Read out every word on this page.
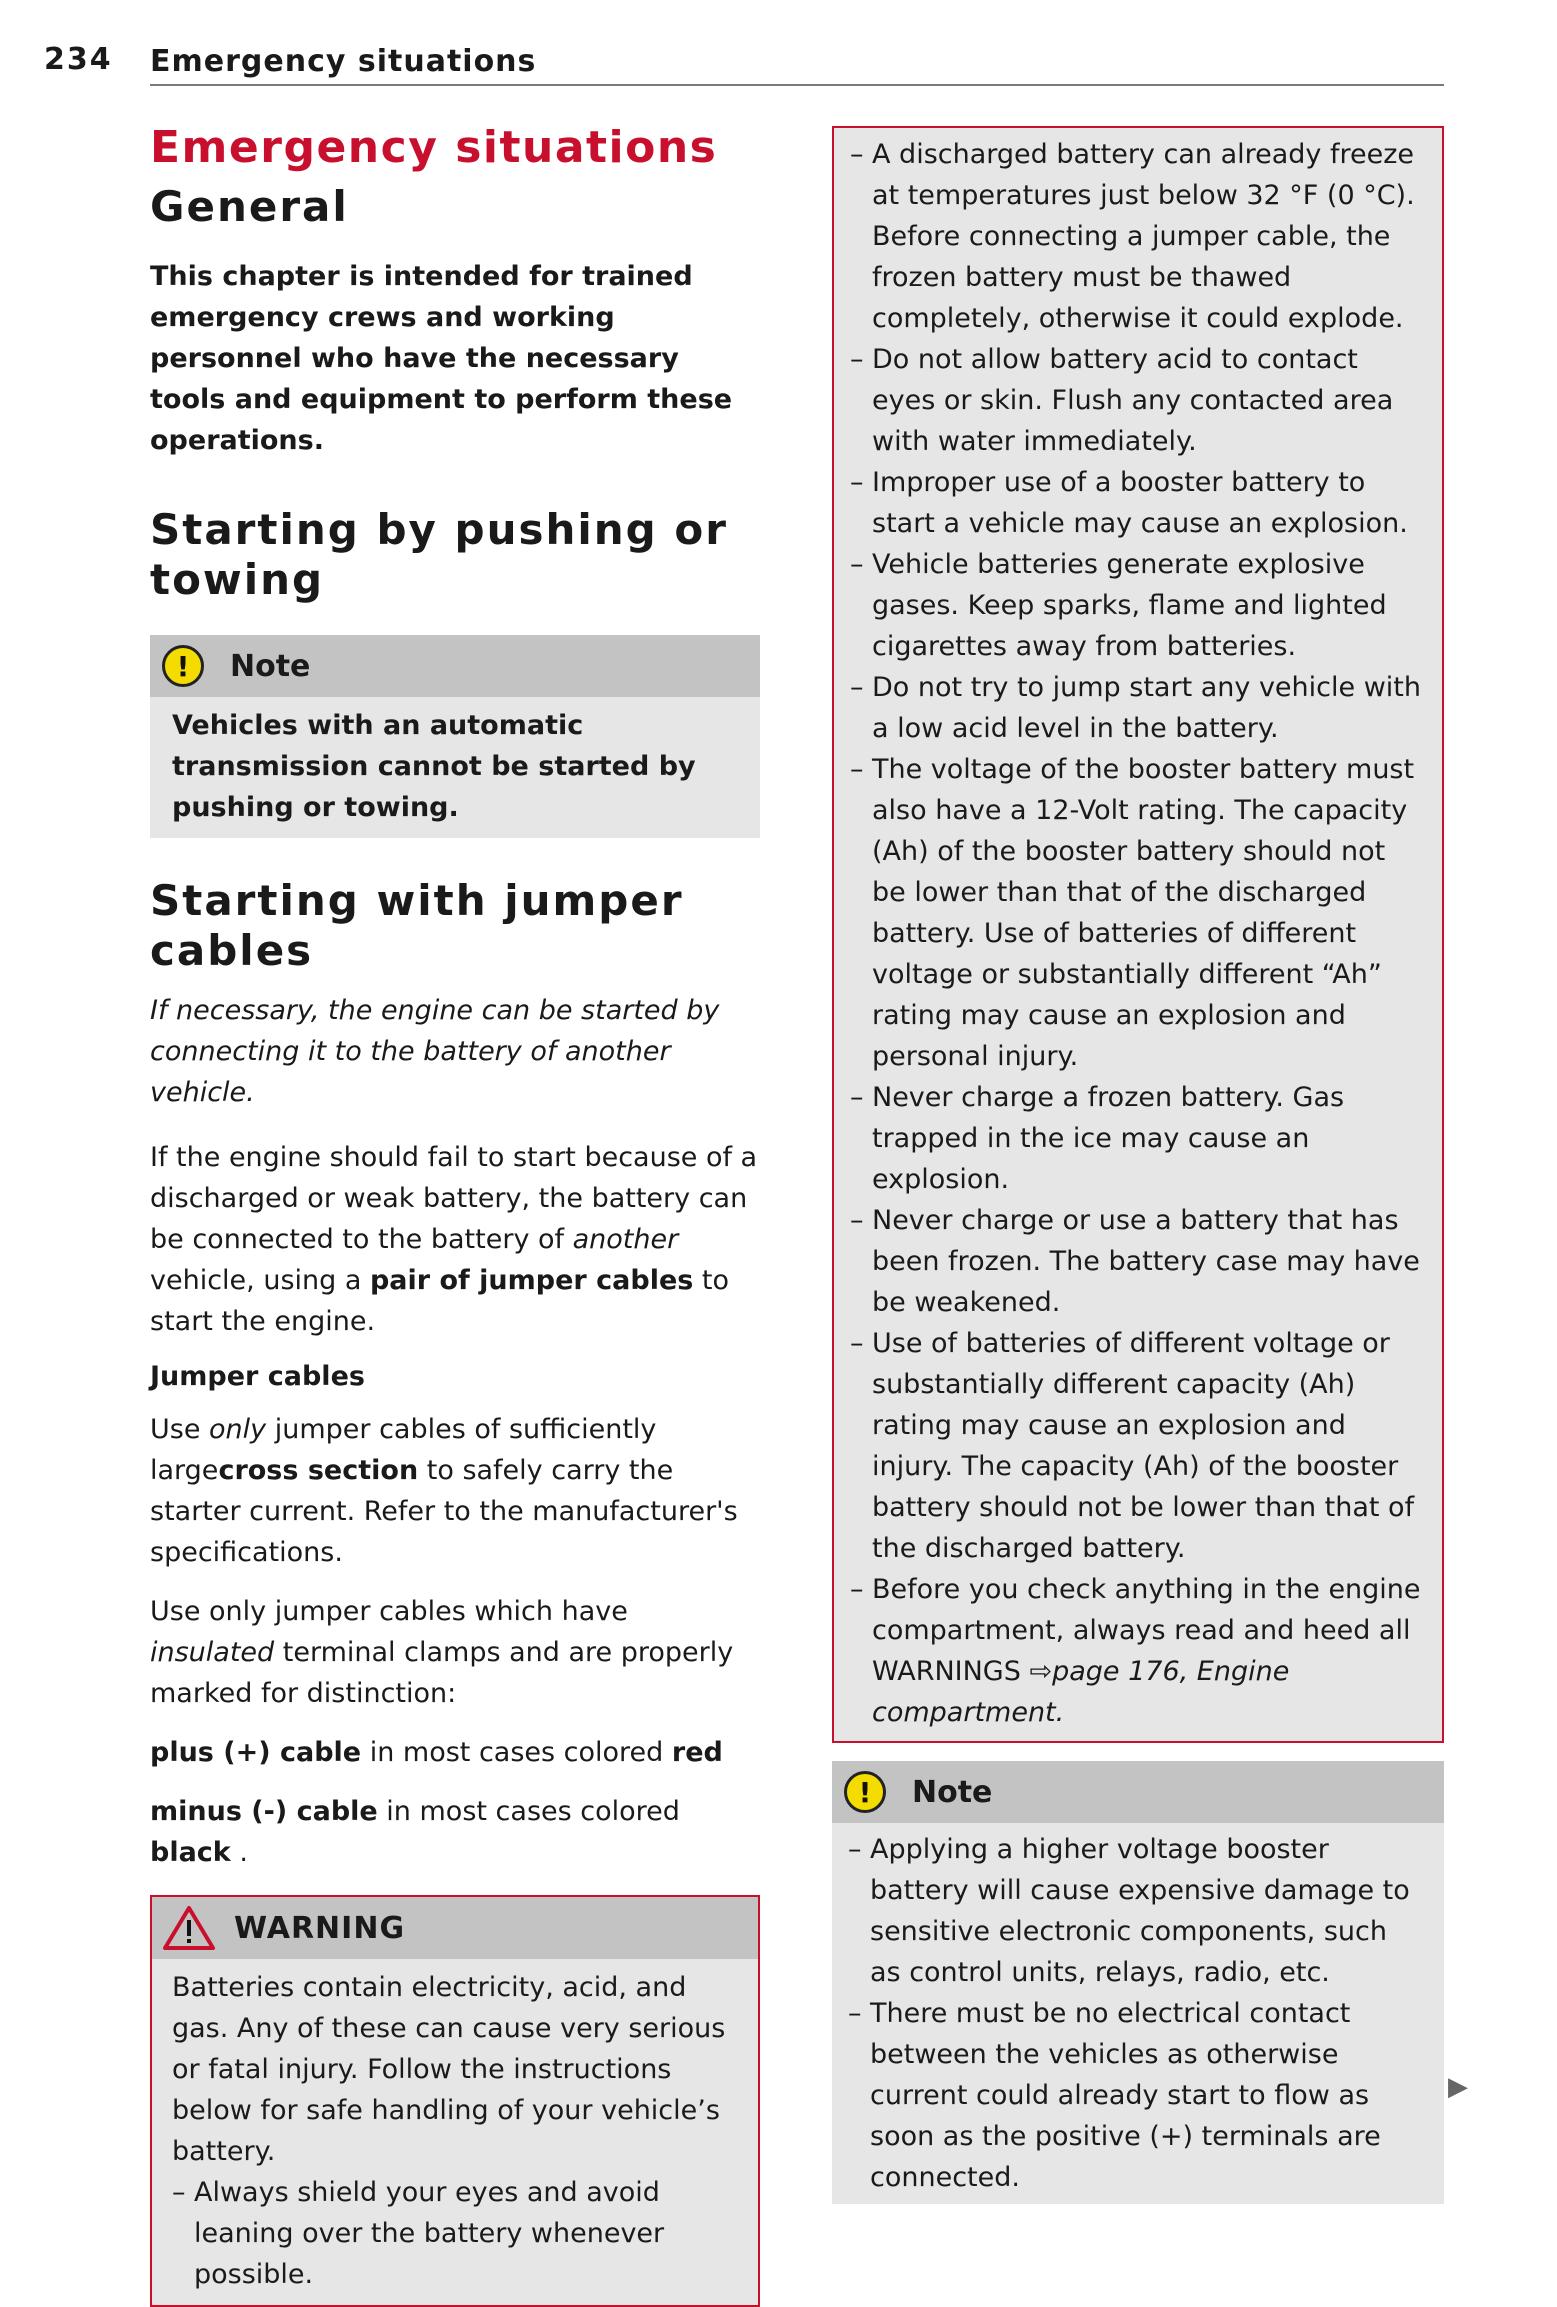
234 Emergency situations
Emergency situations
General

This chapter is intended for trained emergency crews and working personnel who have the necessary tools and equipment to perform these operations.

Starting by pushing or towing
!	Note

Vehicles with an automatic transmission cannot be started by pushing or towing.

Starting with jumper cables

If necessary, the engine can be started by connecting it to the battery of another vehicle.

If the engine should fail to start because of a discharged or weak battery, the battery can be connected to the battery of another vehicle, using a pair of jumper cables to start the engine.

Jumper cables

Use only jumper cables of sufficiently largecross section to safely carry the starter current. Refer to the manufacturer's specifications.

Use only jumper cables which have insulated terminal clamps and are properly marked for distinction:

plus (+) cable in most cases colored red

minus (-) cable in most cases colored black .

WARNING

Batteries contain electricity, acid, and gas. Any of these can cause very serious or fatal injury. Follow the instructions below for safe handling of your vehicle’s battery.

– Always shield your eyes and avoid leaning over the battery whenever possible.
– A discharged battery can already freeze at temperatures just below 32 °F (0 °C). Before connecting a jumper cable, the frozen battery must be thawed completely, otherwise it could explode.
– Do not allow battery acid to contact eyes or skin. Flush any contacted area with water immediately.
– Improper use of a booster battery to start a vehicle may cause an explosion.
– Vehicle batteries generate explosive gases. Keep sparks, flame and lighted cigarettes away from batteries.
– Do not try to jump start any vehicle with a low acid level in the battery.
– The voltage of the booster battery must also have a 12-Volt rating. The capacity (Ah) of the booster battery should not be lower than that of the discharged battery. Use of batteries of different voltage or substantially different “Ah” rating may cause an explosion and personal injury.
– Never charge a frozen battery. Gas trapped in the ice may cause an explosion.
– Never charge or use a battery that has been frozen. The battery case may have be weakened.
– Use of batteries of different voltage or substantially different capacity (Ah) rating may cause an explosion and injury. The capacity (Ah) of the booster battery should not be lower than that of the discharged battery.
– Before you check anything in the engine compartment, always read and heed all WARNINGS ⇨page 176, Engine compartment.
!	Note
– Applying a higher voltage booster battery will cause expensive damage to sensitive electronic components, such as control units, relays, radio, etc.
– There must be no electrical contact between the vehicles as otherwise current could already start to flow as soon as the positive (+) terminals are connected.
▶
